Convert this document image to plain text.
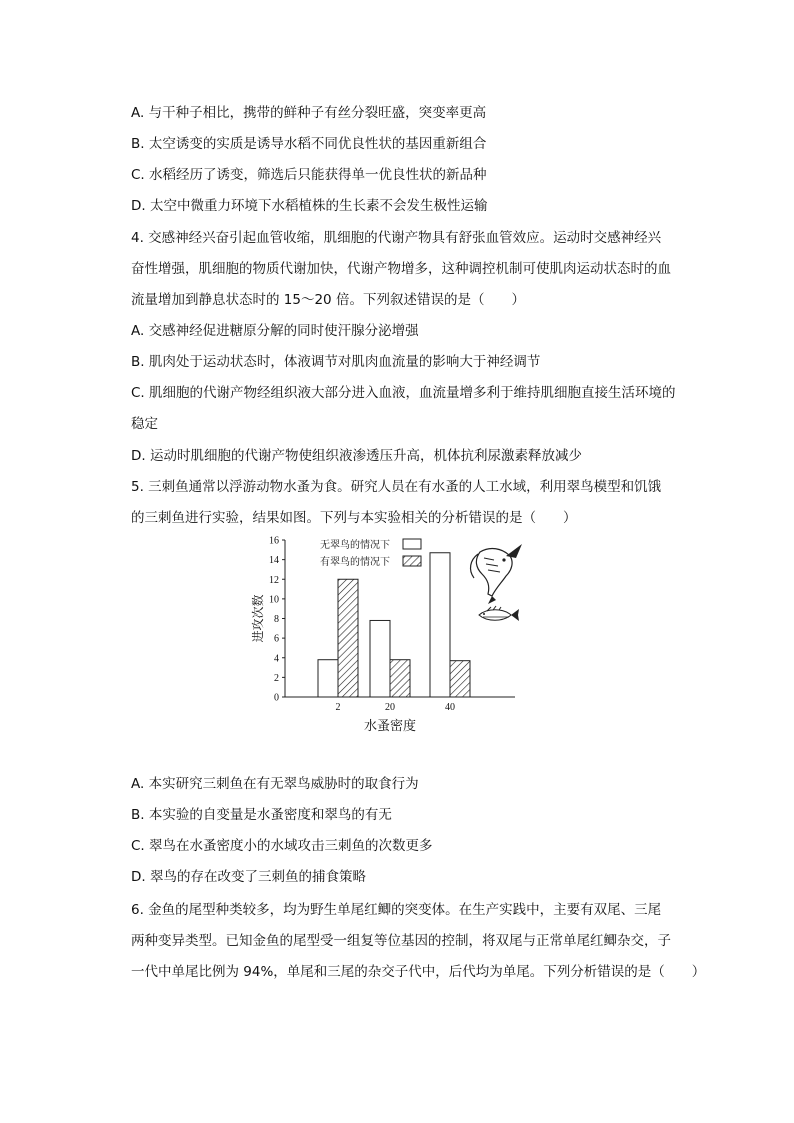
A. 与干种子相比，携带的鲜种子有丝分裂旺盛，突变率更高
B. 太空诱变的实质是诱导水稻不同优良性状的基因重新组合
C. 水稻经历了诱变，筛选后只能获得单一优良性状的新品种
D. 太空中微重力环境下水稻植株的生长素不会发生极性运输
4. 交感神经兴奋引起血管收缩，肌细胞的代谢产物具有舒张血管效应。运动时交感神经兴
奋性增强，肌细胞的物质代谢加快，代谢产物增多，这种调控机制可使肌肉运动状态时的血
流量增加到静息状态时的 15～20 倍。下列叙述错误的是（　　）
A. 交感神经促进糖原分解的同时使汗腺分泌增强
B. 肌肉处于运动状态时，体液调节对肌肉血流量的影响大于神经调节
C. 肌细胞的代谢产物经组织液大部分进入血液，血流量增多利于维持肌细胞直接生活环境的
稳定
D. 运动时肌细胞的代谢产物使组织液渗透压升高，机体抗利尿激素释放减少
5. 三刺鱼通常以浮游动物水蚤为食。研究人员在有水蚤的人工水域，利用翠鸟模型和饥饿
的三刺鱼进行实验，结果如图。下列与本实验相关的分析错误的是（　　）
0
2
4
6
8
10
12
14
16
进攻次数
2	20	40
水蚤密度
无翠鸟的情况下
有翠鸟的情况下
A. 本实研究三刺鱼在有无翠鸟威胁时的取食行为
B. 本实验的自变量是水蚤密度和翠鸟的有无
C. 翠鸟在水蚤密度小的水域攻击三刺鱼的次数更多
D. 翠鸟的存在改变了三刺鱼的捕食策略
6. 金鱼的尾型种类较多，均为野生单尾红鲫的突变体。在生产实践中，主要有双尾、三尾
两种变异类型。已知金鱼的尾型受一组复等位基因的控制，将双尾与正常单尾红鲫杂交，子
一代中单尾比例为 94%，单尾和三尾的杂交子代中，后代均为单尾。下列分析错误的是（　　）
